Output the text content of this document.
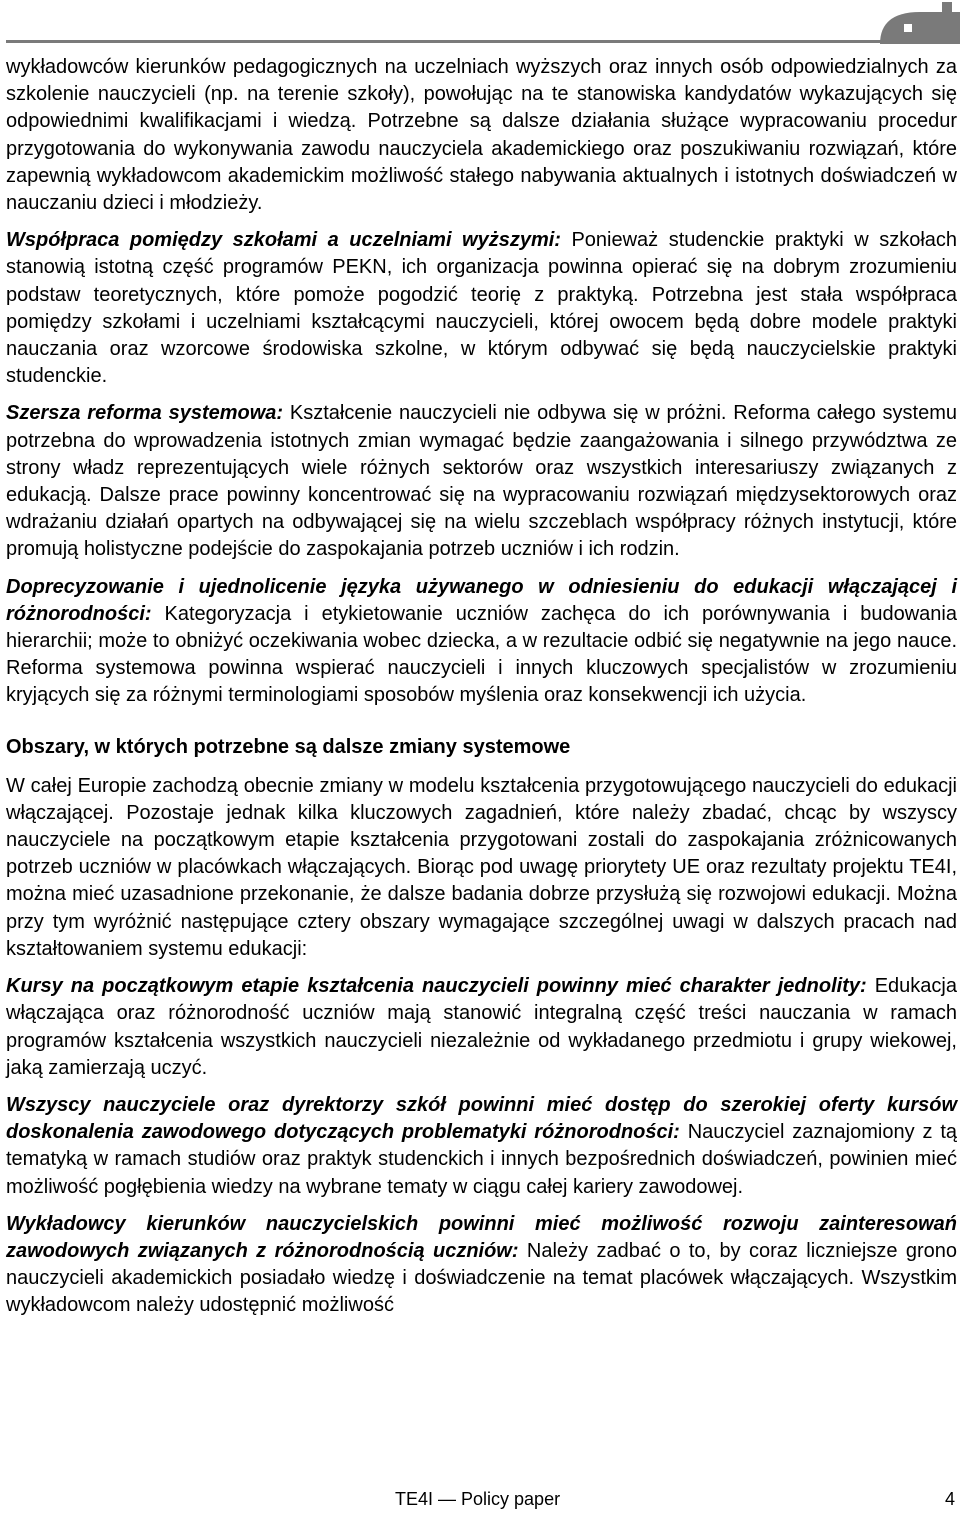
wykładowców kierunków pedagogicznych na uczelniach wyższych oraz innych osób odpowiedzialnych za szkolenie nauczycieli (np. na terenie szkoły), powołując na te stanowiska kandydatów wykazujących się odpowiednimi kwalifikacjami i wiedzą. Potrzebne są dalsze działania służące wypracowaniu procedur przygotowania do wykonywania zawodu nauczyciela akademickiego oraz poszukiwaniu rozwiązań, które zapewnią wykładowcom akademickim możliwość stałego nabywania aktualnych i istotnych doświadczeń w nauczaniu dzieci i młodzieży.

Współpraca pomiędzy szkołami a uczelniami wyższymi: Ponieważ studenckie praktyki w szkołach stanowią istotną część programów PEKN, ich organizacja powinna opierać się na dobrym zrozumieniu podstaw teoretycznych, które pomoże pogodzić teorię z praktyką. Potrzebna jest stała współpraca pomiędzy szkołami i uczelniami kształcącymi nauczycieli, której owocem będą dobre modele praktyki nauczania oraz wzorcowe środowiska szkolne, w którym odbywać się będą nauczycielskie praktyki studenckie.

Szersza reforma systemowa: Kształcenie nauczycieli nie odbywa się w próżni. Reforma całego systemu potrzebna do wprowadzenia istotnych zmian wymagać będzie zaangażowania i silnego przywództwa ze strony władz reprezentujących wiele różnych sektorów oraz wszystkich interesariuszy związanych z edukacją. Dalsze prace powinny koncentrować się na wypracowaniu rozwiązań międzysektorowych oraz wdrażaniu działań opartych na odbywającej się na wielu szczeblach współpracy różnych instytucji, które promują holistyczne podejście do zaspokajania potrzeb uczniów i ich rodzin.

Doprecyzowanie i ujednolicenie języka używanego w odniesieniu do edukacji włączającej i różnorodności: Kategoryzacja i etykietowanie uczniów zachęca do ich porównywania i budowania hierarchii; może to obniżyć oczekiwania wobec dziecka, a w rezultacie odbić się negatywnie na jego nauce. Reforma systemowa powinna wspierać nauczycieli i innych kluczowych specjalistów w zrozumieniu kryjących się za różnymi terminologiami sposobów myślenia oraz konsekwencji ich użycia.

Obszary, w których potrzebne są dalsze zmiany systemowe

W całej Europie zachodzą obecnie zmiany w modelu kształcenia przygotowującego nauczycieli do edukacji włączającej. Pozostaje jednak kilka kluczowych zagadnień, które należy zbadać, chcąc by wszyscy nauczyciele na początkowym etapie kształcenia przygotowani zostali do zaspokajania zróżnicowanych potrzeb uczniów w placówkach włączających. Biorąc pod uwagę priorytety UE oraz rezultaty projektu TE4I, można mieć uzasadnione przekonanie, że dalsze badania dobrze przysłużą się rozwojowi edukacji. Można przy tym wyróżnić następujące cztery obszary wymagające szczególnej uwagi w dalszych pracach nad kształtowaniem systemu edukacji:

Kursy na początkowym etapie kształcenia nauczycieli powinny mieć charakter jednolity: Edukacja włączająca oraz różnorodność uczniów mają stanowić integralną część treści nauczania w ramach programów kształcenia wszystkich nauczycieli niezależnie od wykładanego przedmiotu i grupy wiekowej, jaką zamierzają uczyć.

Wszyscy nauczyciele oraz dyrektorzy szkół powinni mieć dostęp do szerokiej oferty kursów doskonalenia zawodowego dotyczących problematyki różnorodności: Nauczyciel zaznajomiony z tą tematyką w ramach studiów oraz praktyk studenckich i innych bezpośrednich doświadczeń, powinien mieć możliwość pogłębienia wiedzy na wybrane tematy w ciągu całej kariery zawodowej.

Wykładowcy kierunków nauczycielskich powinni mieć możliwość rozwoju zainteresowań zawodowych związanych z różnorodnością uczniów: Należy zadbać o to, by coraz liczniejsze grono nauczycieli akademickich posiadało wiedzę i doświadczenie na temat placówek włączających. Wszystkim wykładowcom należy udostępnić możliwość

TE4I — Policy paper	4
